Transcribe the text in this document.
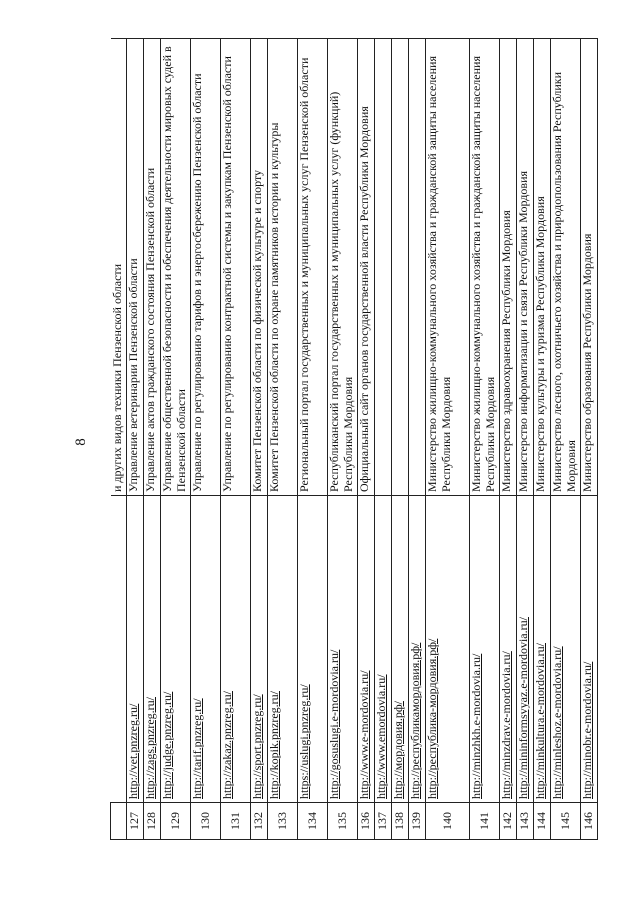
8
		и других видов техники Пензенской области
127	http://vet.pnzreg.ru/	Управление ветеринарии Пензенской области
128	http://zags.pnzreg.ru/	Управление актов гражданского состояния Пензенской области
129	http://judge.pnzreg.ru/	Управление общественной безопасности и обеспечения деятельности мировых судей в Пензенской области
130	http://tarif.pnzreg.ru/	Управление по регулированию тарифов и энергосбережению Пензенской области
131	http://zakaz.pnzreg.ru/	Управление по регулированию контрактной системы и закупкам Пензенской области
132	http://sport.pnzreg.ru/	Комитет Пензенской области по физической культуре и спорту
133	http://kopik.pnzreg.ru/	Комитет Пензенской области по охране памятников истории и культуры
134	https://uslugi.pnzreg.ru/	Региональный портал государственных и муниципальных услуг Пензенской области
135	http://gosuslugi.e-mordovia.ru/	Республиканский портал государственных и муниципальных услуг (функций) Республики Мордовия
136	http://www.e-mordovia.ru/	Официальный сайт органов государственной власти Республики Мордовия
137	http://www.emordovia.ru/	
138	http://мордовия.рф/	
139	http://республикамордовия.рф/	
140	http://республика-мордовия.рф/	Министерство жилищно-коммунального хозяйства и гражданской защиты населения Республики Мордовия
141	http://minzhkh.e-mordovia.ru/	Министерство жилищно-коммунального хозяйства и гражданской защиты населения Республики Мордовия
142	http://minzdrav.e-mordovia.ru/	Министерство здравоохранения Республики Мордовия
143	http://mininformsvyaz.e-mordovia.ru/	Министерство информатизации и связи Республики Мордовия
144	http://minkultura.e-mordovia.ru/	Министерство культуры и туризма Республики Мордовия
145	http://minleshoz.e-mordovia.ru/	Министерство лесного, охотничьего хозяйства и природопользования Республики Мордовия
146	http://minobr.e-mordovia.ru/	Министерство образования Республики Мордовия
